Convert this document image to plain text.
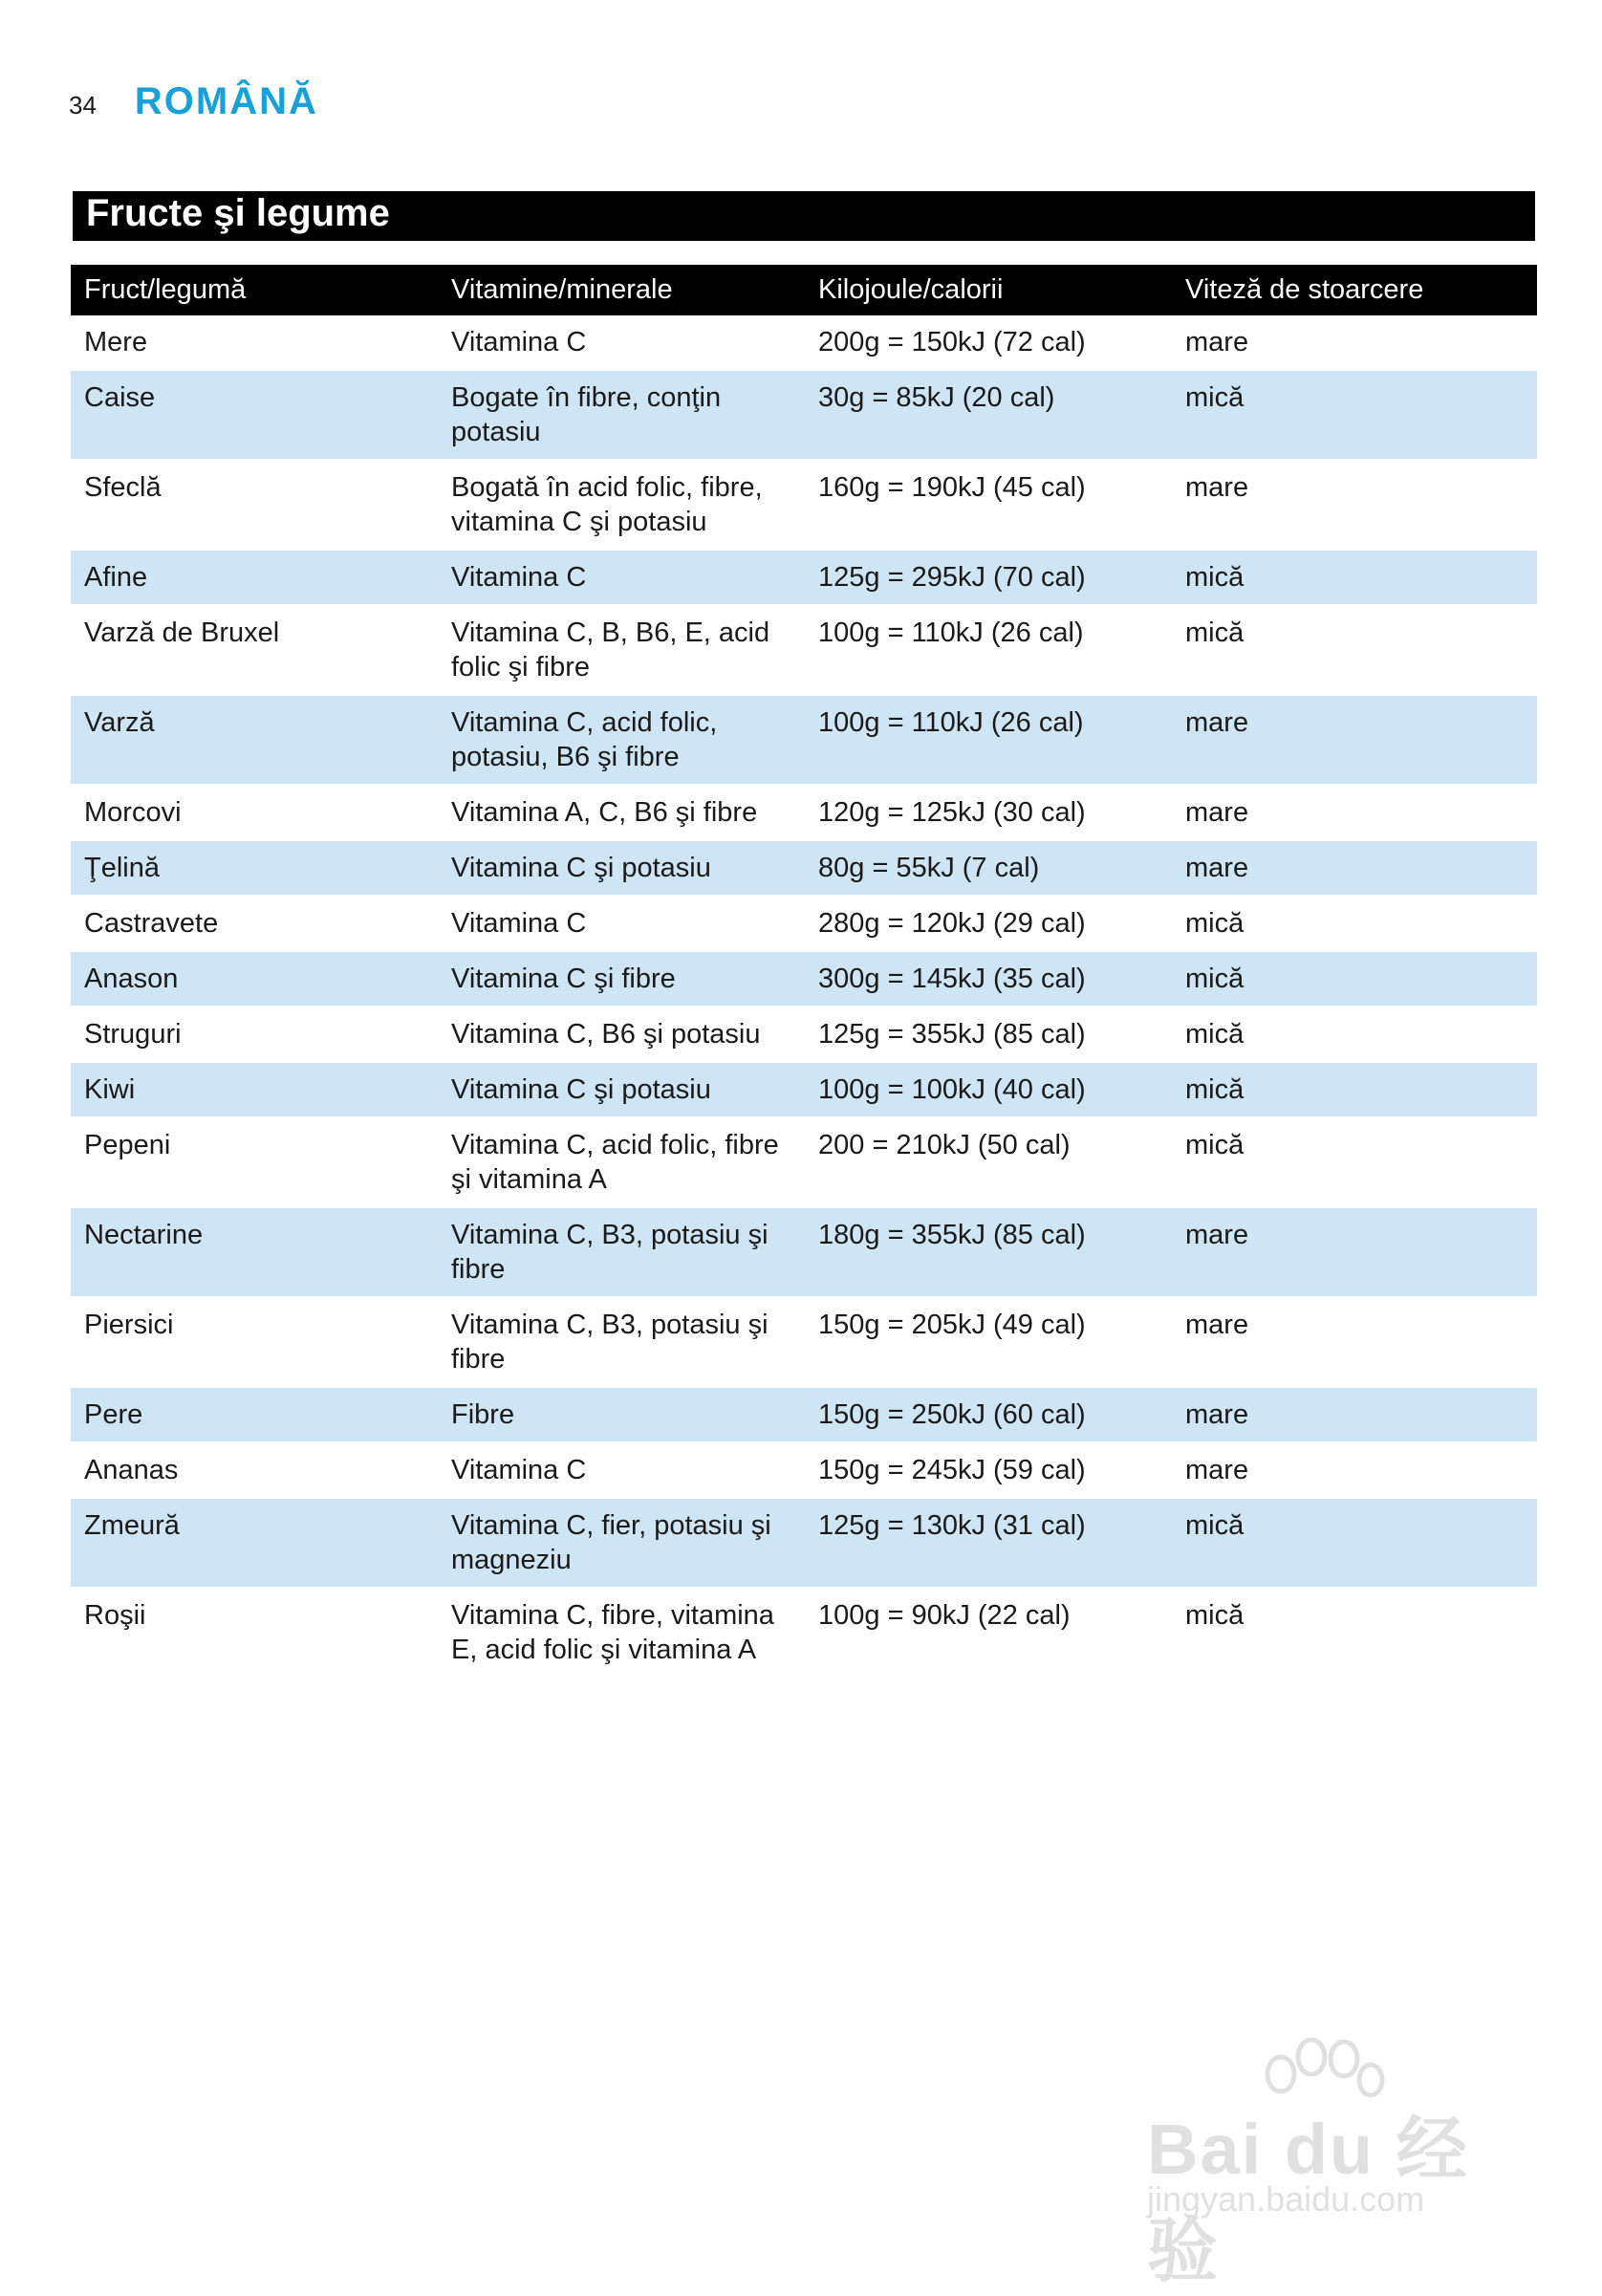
34 ROMÂNĂ
Fructe şi legume
Fruct/legumă	Vitamine/minerale	Kilojoule/calorii	Viteză de stoarcere
Mere	Vitamina C	200g = 150kJ (72 cal)	mare
Caise	Bogate în fibre, conţin potasiu	30g = 85kJ (20 cal)	mică
Sfeclă	Bogată în acid folic, fibre, vitamina C şi potasiu	160g = 190kJ (45 cal)	mare
Afine	Vitamina C	125g = 295kJ (70 cal)	mică
Varză de Bruxel	Vitamina C, B, B6, E, acid folic şi fibre	100g = 110kJ (26 cal)	mică
Varză	Vitamina C, acid folic, potasiu, B6 şi fibre	100g = 110kJ (26 cal)	mare
Morcovi	Vitamina A, C, B6 şi fibre	120g = 125kJ (30 cal)	mare
Ţelină	Vitamina C şi potasiu	80g = 55kJ (7 cal)	mare
Castravete	Vitamina C	280g = 120kJ (29 cal)	mică
Anason	Vitamina C şi fibre	300g = 145kJ (35 cal)	mică
Struguri	Vitamina C, B6 şi potasiu	125g = 355kJ (85 cal)	mică
Kiwi	Vitamina C şi potasiu	100g = 100kJ (40 cal)	mică
Pepeni	Vitamina C, acid folic, fibre şi vitamina A	200 = 210kJ (50 cal)	mică
Nectarine	Vitamina C, B3, potasiu şi fibre	180g = 355kJ (85 cal)	mare
Piersici	Vitamina C, B3, potasiu şi fibre	150g = 205kJ (49 cal)	mare
Pere	Fibre	150g = 250kJ (60 cal)	mare
Ananas	Vitamina C	150g = 245kJ (59 cal)	mare
Zmeură	Vitamina C, fier, potasiu şi magneziu	125g = 130kJ (31 cal)	mică
Roşii	Vitamina C, fibre, vitamina E, acid folic şi vitamina A	100g = 90kJ (22 cal)	mică
Bai du 经验
jingyan.baidu.com
